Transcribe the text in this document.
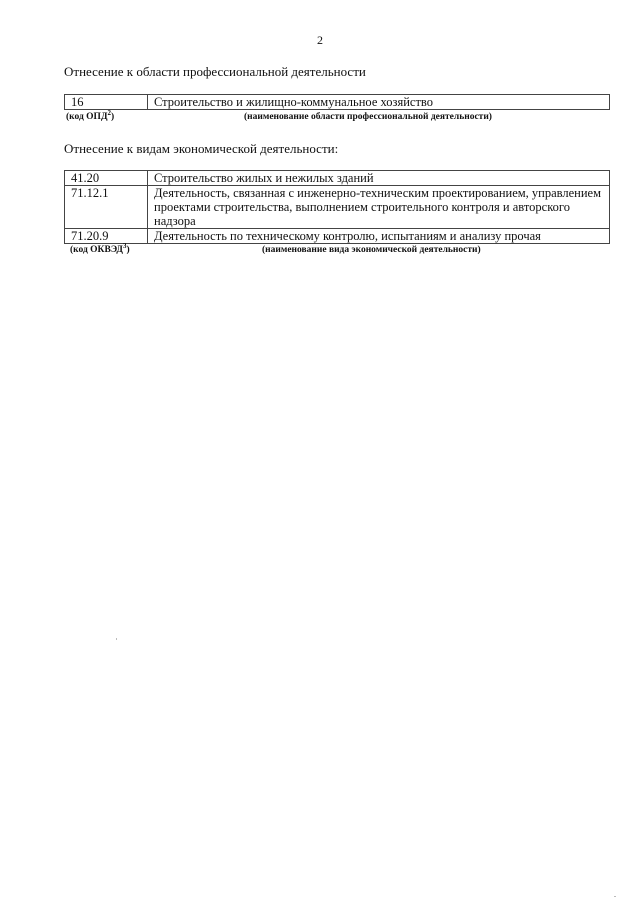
2
Отнесение к области профессиональной деятельности
16	Строительство и жилищно-коммунальное хозяйство
(код ОПД$^2$)	(наименование области профессиональной деятельности)
Отнесение к видам экономической деятельности:
41.20	Строительство жилых и нежилых зданий
71.12.1	Деятельность, связанная с инженерно-техническим проектированием, управлением проектами строительства, выполнением строительного контроля и авторского надзора
71.20.9	Деятельность по техническому контролю, испытаниям и анализу прочая
(код ОКВЭД$^3$)	(наименование вида экономической деятельности)
